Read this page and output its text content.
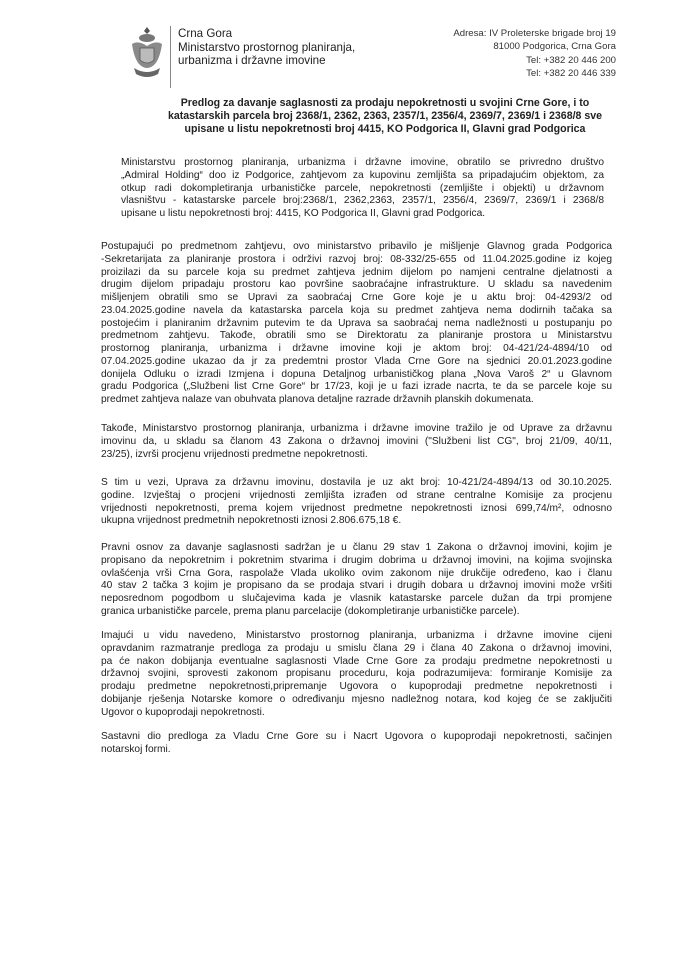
Crna Gora
Ministarstvo prostornog planiranja,
urbanizma i državne imovine
Adresa: IV Proleterske brigade broj 19
81000 Podgorica, Crna Gora
Tel: +382 20 446 200
Tel: +382 20 446 339
Predlog za davanje saglasnosti za prodaju nepokretnosti u svojini Crne Gore, i to
katastarskih parcela broj 2368/1, 2362, 2363, 2357/1, 2356/4, 2369/7, 2369/1 i 2368/8 sve
upisane u listu nepokretnosti broj 4415, KO Podgorica II, Glavni grad Podgorica
Ministarstvu prostornog planiranja, urbanizma i državne imovine, obratilo se privredno društvo
„Admiral Holding“ doo iz Podgorice, zahtjevom za kupovinu zemljišta sa pripadajućim objektom, za
otkup radi dokompletiranja urbanističke parcele, nepokretnosti (zemljište i objekti) u državnom
vlasništvu - katastarske parcele broj:2368/1, 2362,2363, 2357/1, 2356/4, 2369/7, 2369/1 i 2368/8
upisane u listu nepokretnosti broj: 4415, KO Podgorica II, Glavni grad Podgorica.
Postupajući po predmetnom zahtjevu, ovo ministarstvo pribavilo je mišljenje Glavnog grada Podgorica
-Sekretarijata za planiranje prostora i održivi razvoj broj: 08-332/25-655 od 11.04.2025.godine iz kojeg
proizilazi da su parcele koja su predmet zahtjeva jednim dijelom po namjeni centralne djelatnosti a
drugim dijelom pripadaju prostoru kao površine saobraćajne infrastrukture. U skladu sa navedenim
mišljenjem obratili smo se Upravi za saobraćaj Crne Gore koje je u aktu broj: 04-4293/2 od
23.04.2025.godine navela da katastarska parcela koja su predmet zahtjeva nema dodirnih tačaka sa
postojećim i planiranim državnim putevim te da Uprava sa saobraćaj nema nadležnosti u postupanju po
predmetnom zahtjevu. Takođe, obratili smo se Direktoratu za planiranje prostora u Ministarstvu
prostornog planiranja, urbanizma i državne imovine koji je aktom broj: 04-421/24-4894/10 od
07.04.2025.godine ukazao da jr za predemtni prostor Vlada Crne Gore na sjednici 20.01.2023.godine
donijela Odluku o izradi Izmjena i dopuna Detaljnog urbanističkog plana „Nova Varoš 2“ u Glavnom
gradu Podgorica („Službeni list Crne Gore“ br 17/23, koji je u fazi izrade nacrta, te da se parcele koje su
predmet zahtjeva nalaze van obuhvata planova detaljne razrade državnih planskih dokumenata.
Takođe, Ministarstvo prostornog planiranja, urbanizma i državne imovine tražilo je od Uprave za državnu
imovinu da, u skladu sa članom 43 Zakona o državnoj imovini ("Službeni list CG", broj 21/09, 40/11,
23/25), izvrši procjenu vrijednosti predmetne nepokretnosti.
S tim u vezi, Uprava za državnu imovinu, dostavila je uz akt broj: 10-421/24-4894/13 od 30.10.2025.
godine. Izvještaj o procjeni vrijednosti zemljišta izrađen od strane centralne Komisije za procjenu
vrijednosti nepokretnosti, prema kojem vrijednost predmetne nepokretnosti iznosi 699,74/m², odnosno
ukupna vrijednost predmetnih nepokretnosti iznosi 2.806.675,18 €.
Pravni osnov za davanje saglasnosti sadržan je u članu 29 stav 1 Zakona o državnoj imovini, kojim je
propisano da nepokretnim i pokretnim stvarima i drugim dobrima u državnoj imovini, na kojima svojinska
ovlašćenja vrši Crna Gora, raspolaže Vlada ukoliko ovim zakonom nije drukčije određeno, kao i članu
40 stav 2 tačka 3 kojim je propisano da se prodaja stvari i drugih dobara u državnoj imovini može vršiti
neposrednom pogodbom u slučajevima kada je vlasnik katastarske parcele dužan da trpi promjene
granica urbanističke parcele, prema planu parcelacije (dokompletiranje urbanističke parcele).
Imajući u vidu navedeno, Ministarstvo prostornog planiranja, urbanizma i državne imovine cijeni
opravdanim razmatranje predloga za prodaju u smislu člana 29 i člana 40 Zakona o državnoj imovini,
pa će nakon dobijanja eventualne saglasnosti Vlade Crne Gore za prodaju predmetne nepokretnosti u
državnoj svojini, sprovesti zakonom propisanu proceduru, koja podrazumijeva: formiranje Komisije za
prodaju predmetne nepokretnosti,pripremanje Ugovora o kupoprodaji predmetne nepokretnosti i
dobijanje rješenja Notarske komore o određivanju mjesno nadležnog notara, kod kojeg će se zaključiti
Ugovor o kupoprodaji nepokretnosti.
Sastavni dio predloga za Vladu Crne Gore su i Nacrt Ugovora o kupoprodaji nepokretnosti, sačinjen
notarskoj formi.
